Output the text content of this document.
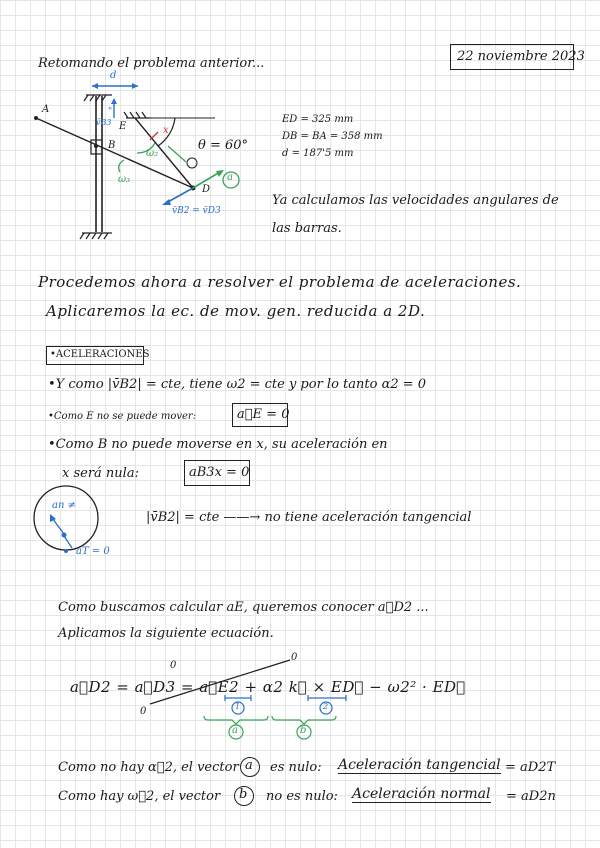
Retomando el problema anterior...	22 noviembre 2023
d
A
B
E
D
θ = 60°
x
ω₂
ω₃	a
v̄B3
"
v̄B2 = v̄D3
ED = 325 mm
DB = BA = 358 mm
d = 187'5 mm
Ya calculamos las velocidades angulares de
las barras.
Procedemos ahora a resolver el problema de aceleraciones.
Aplicaremos la ec. de mov. gen. reducida a 2D.
•ACELERACIONES
•Y como |v̄B2| = cte, tiene ω2 = cte y por lo tanto α2 = 0
•Como E no se puede mover:	a⃗E = 0
•Como B no puede moverse en x, su aceleración en
x será nula:	aB3x = 0
an ≠
aT = 0
|v̄B2| = cte ——→ no tiene aceleración tangencial
Como buscamos calcular aE, queremos conocer a⃗D2 ...
Aplicamos la siguiente ecuación.
a⃗D2 = a⃗D3 = a⃗E2 + α2 k⃗ × ED⃗ − ω2² · ED⃗
0
0
0
1	2
a	b
Como no hay α⃗2, el vector a es nulo: Aceleración tangencial = aD2T
Como hay ω⃗2, el vector b no es nulo: Aceleración normal = aD2n
